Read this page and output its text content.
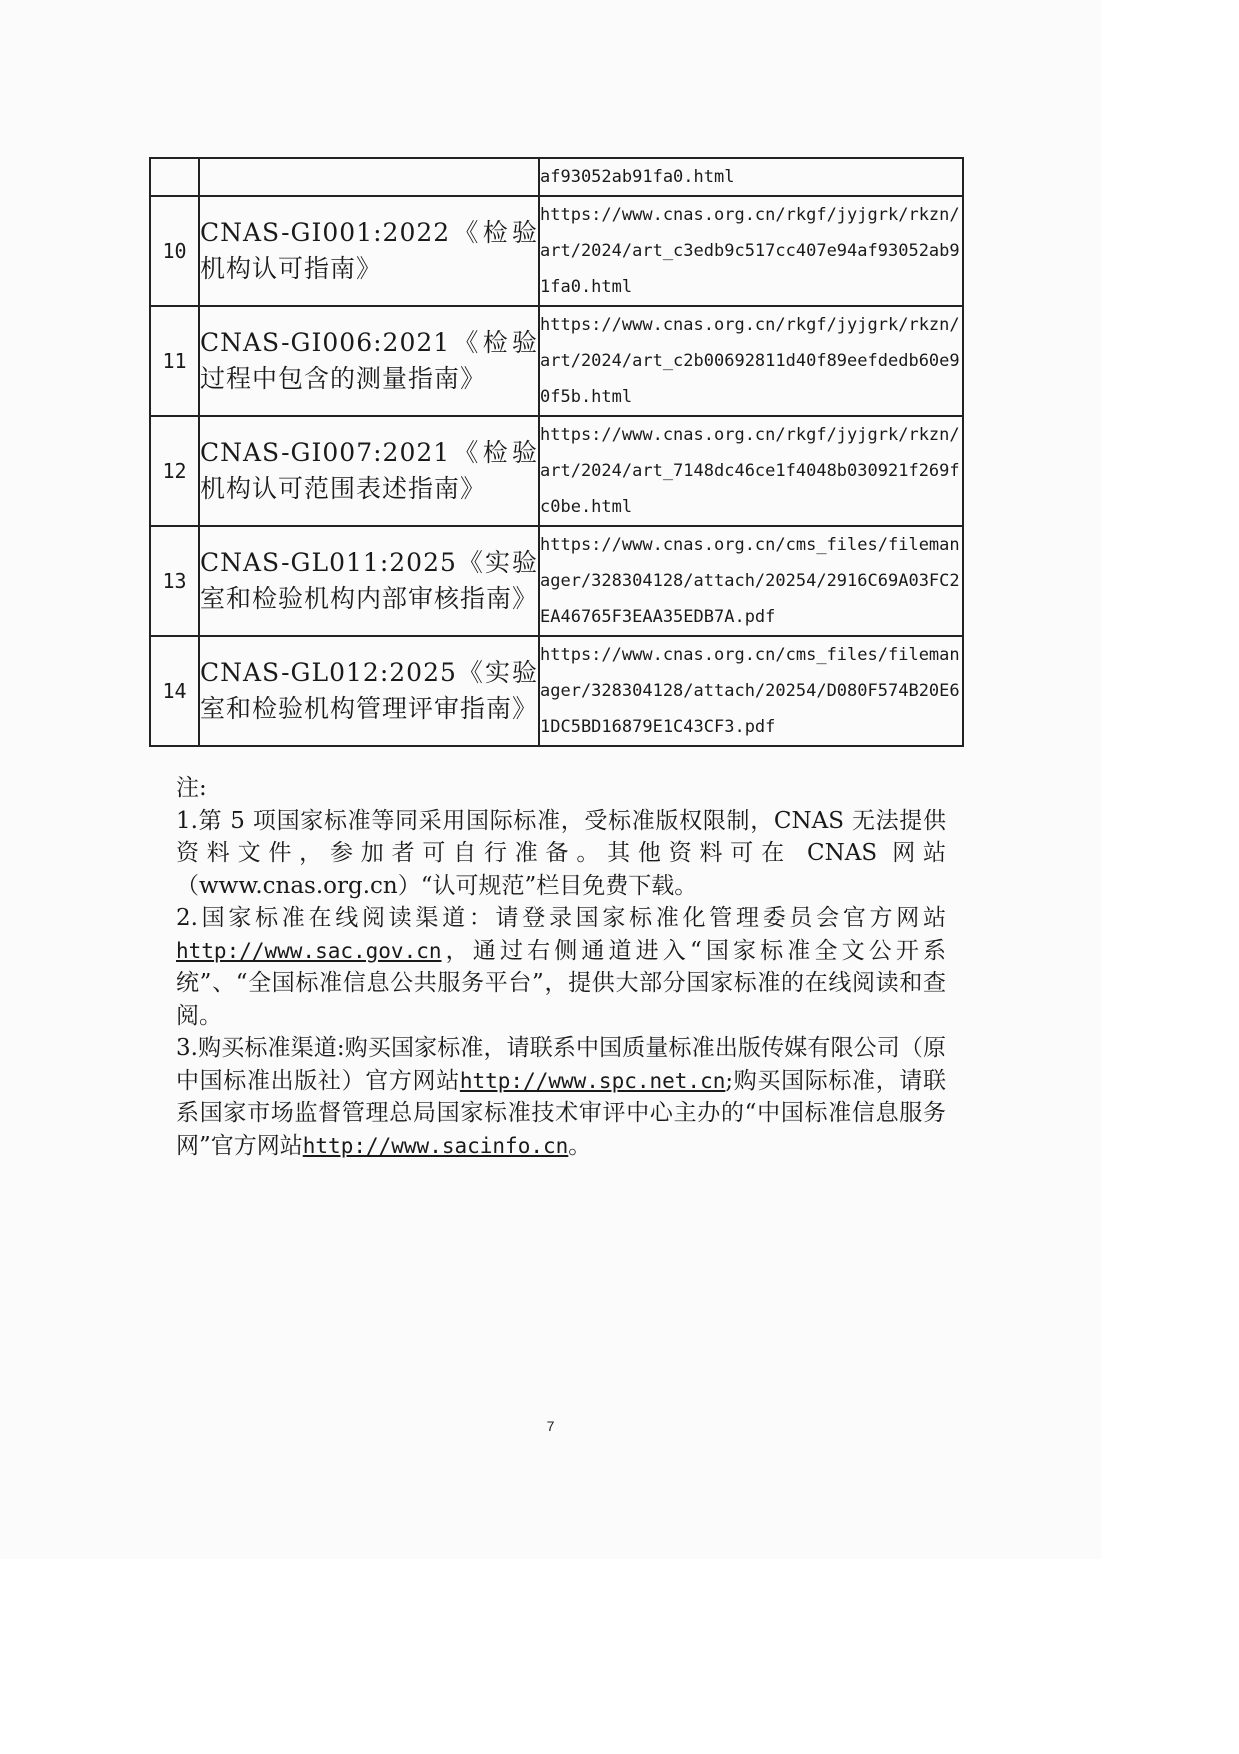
		af93052ab91fa0.html
10	CNAS-GI001:2022《检验机构认可指南》	https://www.cnas.org.cn/rkgf/jyjgrk/rkzn/art/2024/art_c3edb9c517cc407e94af93052ab91fa0.html
11	CNAS-GI006:2021《检验过程中包含的测量指南》	https://www.cnas.org.cn/rkgf/jyjgrk/rkzn/art/2024/art_c2b00692811d40f89eefdedb60e90f5b.html
12	CNAS-GI007:2021《检验机构认可范围表述指南》	https://www.cnas.org.cn/rkgf/jyjgrk/rkzn/art/2024/art_7148dc46ce1f4048b030921f269fc0be.html
13	CNAS-GL011:2025《实验室和检验机构内部审核指南》	https://www.cnas.org.cn/cms_files/filemanager/328304128/attach/20254/2916C69A03FC2EA46765F3EAA35EDB7A.pdf
14	CNAS-GL012:2025《实验室和检验机构管理评审指南》	https://www.cnas.org.cn/cms_files/filemanager/328304128/attach/20254/D080F574B20E61DC5BD16879E1C43CF3.pdf

注:

1.第 5 项国家标准等同采用国际标准，受标准版权限制，CNAS 无法提供资料文件，参加者可自行准备。其他资料可在 CNAS 网站（www.cnas.org.cn）“认可规范”栏目免费下载。

2.国家标准在线阅读渠道：请登录国家标准化管理委员会官方网站http://www.sac.gov.cn，通过右侧通道进入“国家标准全文公开系统”、“全国标准信息公共服务平台”，提供大部分国家标准的在线阅读和查阅。

3.购买标准渠道:购买国家标准，请联系中国质量标准出版传媒有限公司（原中国标准出版社）官方网站http://www.spc.net.cn;购买国际标准，请联系国家市场监督管理总局国家标准技术审评中心主办的“中国标准信息服务网”官方网站http://www.sacinfo.cn。

7
